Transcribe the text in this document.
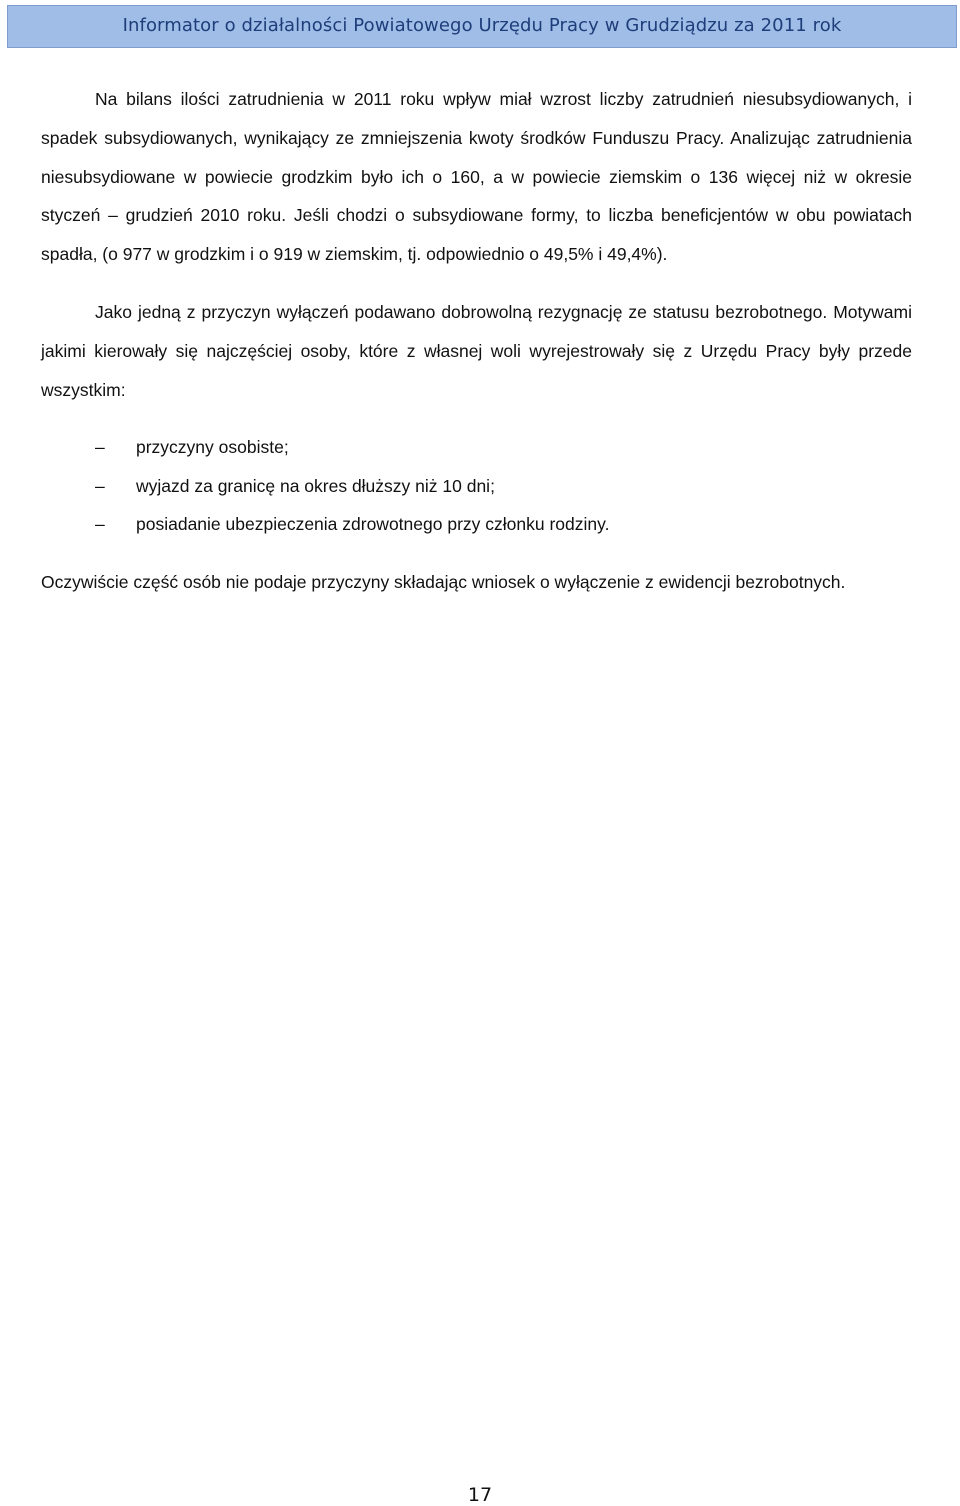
Informator o działalności Powiatowego Urzędu Pracy w Grudziądzu za 2011 rok

Na bilans ilości zatrudnienia w 2011 roku wpływ miał wzrost liczby zatrudnień niesubsydiowanych, i spadek subsydiowanych, wynikający ze zmniejszenia kwoty środków Funduszu Pracy. Analizując zatrudnienia niesubsydiowane w powiecie grodzkim było ich o 160, a w powiecie ziemskim o 136 więcej niż w okresie styczeń – grudzień 2010 roku. Jeśli chodzi o subsydiowane formy, to liczba beneficjentów w obu powiatach spadła, (o 977 w grodzkim i o 919 w ziemskim, tj. odpowiednio o 49,5% i 49,4%).

Jako jedną z przyczyn wyłączeń podawano dobrowolną rezygnację ze statusu bezrobotnego. Motywami jakimi kierowały się najczęściej osoby, które z własnej woli wyrejestrowały się z Urzędu Pracy były przede wszystkim:

– przyczyny osobiste;
– wyjazd za granicę na okres dłuższy niż 10 dni;
– posiadanie ubezpieczenia zdrowotnego przy członku rodziny.

Oczywiście część osób nie podaje przyczyny składając wniosek o wyłączenie z ewidencji bezrobotnych.

17
